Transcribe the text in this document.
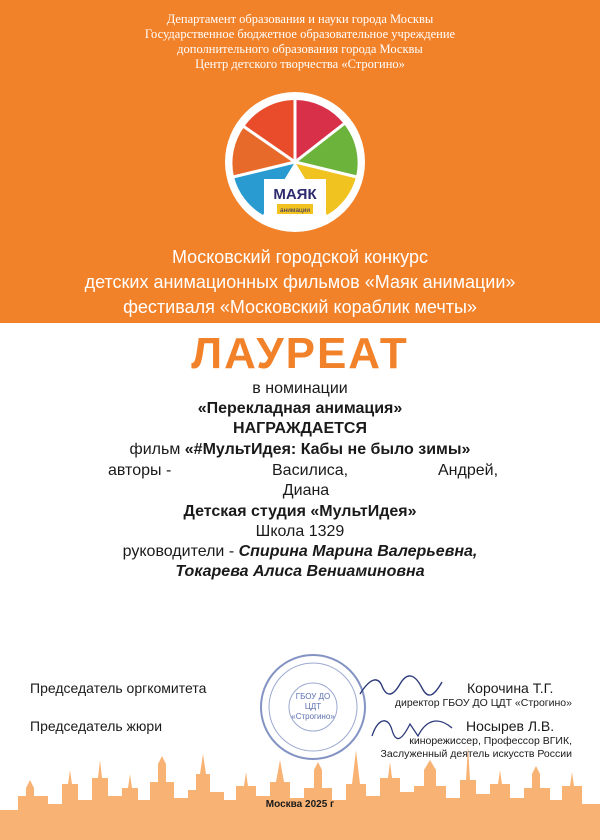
Департамент образования и науки города Москвы
Государственное бюджетное образовательное учреждение
дополнительного образования города Москвы
Центр детского творчества «Строгино»
МАЯК
анимации
Московский городской конкурс
детских анимационных фильмов «Маяк анимации»
фестиваля «Московский кораблик мечты»
ЛАУРЕАТ
в номинации
«Перекладная анимация»
НАГРАЖДАЕТСЯ
фильм «#МультИдея: Кабы не было зимы»
авторы -	Василиса,	Андрей,
Диана
Детская студия «МультИдея»
Школа 1329
руководители - Спирина Марина Валерьевна,
Токарева Алиса Вениаминовна
ГБОУ ДО
ЦДТ
«Строгино»
Председатель оргкомитета	Корочина Т.Г.
директор ГБОУ ДО ЦДТ «Строгино»
Председатель жюри	Носырев Л.В.
кинорежиссер, Профессор ВГИК,
Заслуженный деятель искусств России
Москва 2025 г
